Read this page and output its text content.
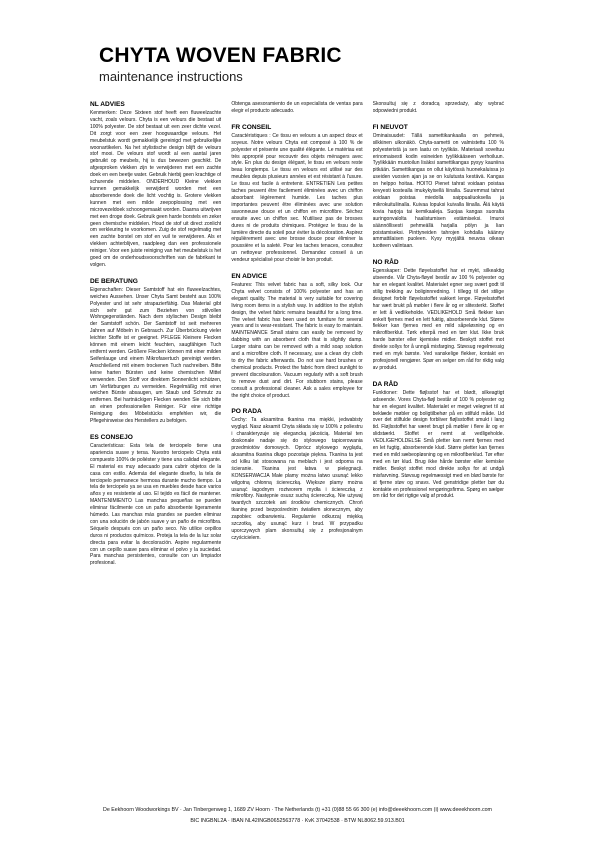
CHYTA WOVEN FABRIC
maintenance instructions
NL ADVIES

Kenmerken: Deze Sixteen stof heeft een fluweelzachte vacht, zoals velours. Chyta is een velours die bestaat uit 100% polyester. De stof bestaat uit een zeer dichte vezel. Dit zorgt voor een zeer hoogwaardige velours. Het meubelstuk wordt gemakkelijk gereinigd met gebruikelijke woonartikelen. Na het stylistische design blijft de velours stof mooi. De velours stof wordt al een aantal jaren gebruikt op meubels, hij is dus bewezen geschikt. De afgesproken vlekken zijn te verwijderen met een zachte doek en een beetje water. Gebruik hierbij geen krachtige of schurende middelen. ONDERHOUD Kleine vlekken kunnen gemakkelijk verwijderd worden met een absorberende doek die licht vochtig is. Grotere vlekken kunnen met een milde zeepoplossing met een microvezeldoek schoongemaakt worden. Daarna uitwrijven met een droge doek. Gebruik geen harde borstels en zeker geen chemische middelen. Houd de stof uit direct zonlicht om verkleuring te voorkomen. Zuig de stof regelmatig met een zachte borstel om stof en vuil te verwijderen. Als er vlekken achterblijven, raadpleeg dan een professionele reiniger. Voor een juiste reiniging van het meubelstuk is het goed om de onderhoudsvoorschriften van de fabrikant te volgen.

DE BERATUNG

Eigenschaften: Dieser Samtstoff hat ein fluweelzachtes, weiches Aussehen. Unser Chyta Samt besteht aus 100% Polyester und ist sehr strapazierfähig. Das Material gibt sich sehr gut zum Beziehen von stilvollen Wohngegenständen. Nach dem stylischen Design bleibt der Samtstoff schön. Der Samtstoff ist seit mehreren Jahren auf Möbeln in Gebrauch. Zur Überbrückung vieler leichter Stoffe ist er geeignet. PFLEGE Kleinere Flecken können mit einem leicht feuchten, saugfähigen Tuch entfernt werden. Größere Flecken können mit einer milden Seifenlauge und einem Mikrofasertuch gereinigt werden. Anschließend mit einem trockenen Tuch nachreiben. Bitte keine harten Bürsten und keine chemischen Mittel verwenden. Den Stoff vor direktem Sonnenlicht schützen, um Verfärbungen zu vermeiden. Regelmäßig mit einer weichen Bürste absaugen, um Staub und Schmutz zu entfernen. Bei hartnäckigen Flecken wenden Sie sich bitte an einen professionellen Reiniger. Für eine richtige Reinigung des Möbelstücks empfehlen wir, die Pflegehinweise des Herstellers zu befolgen.

ES CONSEJO

Características: Esta tela de terciopelo tiene una apariencia suave y tersa. Nuestro terciopelo Chyta está compuesto 100% de poliéster y tiene una calidad elegante. El material es muy adecuado para cubrir objetos de la casa con estilo. Además del elegante diseño, la tela de terciopelo permanece hermosa durante mucho tiempo. La tela de terciopelo ya se usa en muebles desde hace varios años y es resistente al uso. El tejido es fácil de mantener. MANTENIMIENTO Las manchas pequeñas se pueden eliminar fácilmente con un paño absorbente ligeramente húmedo. Las manchas más grandes se pueden eliminar con una solución de jabón suave y un paño de microfibra. Séquelo después con un paño seco. No utilice cepillos duros ni productos químicos. Proteja la tela de la luz solar directa para evitar la decoloración. Aspire regularmente con un cepillo suave para eliminar el polvo y la suciedad. Para manchas persistentes, consulte con un limpiador profesional.

Obtenga asesoramiento de un especialista de ventas para elegir el producto adecuado.

FR CONSEIL

Caractéristiques : Ce tissu en velours a un aspect doux et soyeux. Notre velours Chyta est composé à 100 % de polyester et présente une qualité élégante. Le matériau est très approprié pour recouvrir des objets ménagers avec style. En plus du design élégant, le tissu en velours reste beau longtemps. Le tissu en velours est utilisé sur des meubles depuis plusieurs années et est résistant à l'usure. Le tissu est facile à entretenir. ENTRETIEN Les petites taches peuvent être facilement éliminées avec un chiffon absorbant légèrement humide. Les taches plus importantes peuvent être éliminées avec une solution savonneuse douce et un chiffon en microfibre. Séchez ensuite avec un chiffon sec. N'utilisez pas de brosses dures ni de produits chimiques. Protégez le tissu de la lumière directe du soleil pour éviter la décoloration. Aspirez régulièrement avec une brosse douce pour éliminer la poussière et la saleté. Pour les taches tenaces, consultez un nettoyeur professionnel. Demandez conseil à un vendeur spécialisé pour choisir le bon produit.

EN ADVICE

Features: This velvet fabric has a soft, silky look. Our Chyta velvet consists of 100% polyester and has an elegant quality. The material is very suitable for covering living room items in a stylish way. In addition to the stylish design, the velvet fabric remains beautiful for a long time. The velvet fabric has been used on furniture for several years and is wear-resistant. The fabric is easy to maintain. MAINTENANCE Small stains can easily be removed by dabbing with an absorbent cloth that is slightly damp. Larger stains can be removed with a mild soap solution and a microfibre cloth. If necessary, use a clean dry cloth to dry the fabric afterwards. Do not use hard brushes or chemical products. Protect the fabric from direct sunlight to prevent discolouration. Vacuum regularly with a soft brush to remove dust and dirt. For stubborn stains, please consult a professional cleaner. Ask a sales employee for the right choice of product.

PO RADA

Cechy: Ta aksamitna tkanina ma miękki, jedwabisty wygląd. Nasz aksamit Chyta składa się w 100% z poliestru i charakteryzuje się elegancką jakością. Materiał ten doskonale nadaje się do stylowego tapicerowania przedmiotów domowych. Oprócz stylowego wyglądu, aksamitna tkanina długo pozostaje piękna. Tkanina ta jest od kilku lat stosowana na meblach i jest odporna na ścieranie. Tkanina jest łatwa w pielęgnacji. KONSERWACJA Małe plamy można łatwo usunąć lekko wilgotną chłonną ściereczką. Większe plamy można usunąć łagodnym roztworem mydła i ściereczką z mikrofibry. Następnie osusz suchą ściereczką. Nie używaj twardych szczotek ani środków chemicznych. Chroń tkaninę przed bezpośrednim światłem słonecznym, aby zapobiec odbarwieniu. Regularnie odkurzaj miękką szczotką, aby usunąć kurz i brud. W przypadku uporczywych plam skonsultuj się z profesjonalnym czyścicielem.

Skonsultuj się z doradcą sprzedaży, aby wybrać odpowiedni produkt.

FI NEUVOT

Ominaisuudet: Tällä samettikankaalla on pehmeä, silkkinen ulkonäkö. Chyta-sametti on valmistettu 100 % polyesteristä ja sen laatu on tyylikäs. Materiaali soveltuu erinomaisesti kodin esineiden tyylikkääseen verhoiluun. Tyylikkään muotoilun lisäksi samettikangas pysyy kauniina pitkään. Samettikangas on ollut käytössä huonekaluissa jo useiden vuosien ajan ja se on kulutusta kestävä. Kangas on helppo hoitaa. HOITO Pienet tahrat voidaan poistaa kevyesti kostealla imukykyisellä liinalla. Suuremmat tahrat voidaan poistaa miedolla saippualiuoksella ja mikrokuituliinalla. Kuivaa lopuksi kuivalla liinalla. Älä käytä kovia harjoja tai kemikaaleja. Suojaa kangas suoralta auringonvalolta haalistumisen estämiseksi. Imuroi säännöllisesti pehmeällä harjalla pölyn ja lian poistamiseksi. Pinttyneiden tahrojen kohdalla käänny ammattilaisen puoleen. Kysy myyjältä neuvoa oikean tuotteen valintaan.

NO RÅD

Egenskaper: Dette fløyelsstoffet har et mykt, silkeaktig utseende. Vår Chyta-fløyel består av 100 % polyester og har en elegant kvalitet. Materialet egner seg svært godt til stilig trekking av boliginnredning. I tillegg til det stilige designet forblir fløyelsstoffet vakkert lenge. Fløyelsstoffet har vært brukt på møbler i flere år og er slitesterkt. Stoffet er lett å vedlikeholde. VEDLIKEHOLD Små flekker kan enkelt fjernes med en lett fuktig, absorberende klut. Større flekker kan fjernes med en mild såpeløsning og en mikrofiberklut. Tørk etterpå med en tørr klut. Ikke bruk harde børster eller kjemiske midler. Beskytt stoffet mot direkte sollys for å unngå misfarging. Støvsug regelmessig med en myk børste. Ved vanskelige flekker, kontakt en profesjonell rengjører. Spør en selger om råd for riktig valg av produkt.

DA RÅD

Funktioner: Dette fløjlsstof har et blødt, silkeagtigt udseende. Vores Chyta-fløjl består af 100 % polyester og har en elegant kvalitet. Materialet er meget velegnet til at beklæde møbler og boligtilbehør på en stilfuld måde. Ud over det stilfulde design forbliver fløjlsstoffet smukt i lang tid. Fløjlsstoffet har været brugt på møbler i flere år og er slidstærkt. Stoffet er nemt at vedligeholde. VEDLIGEHOLDELSE Små pletter kan nemt fjernes med en let fugtig, absorberende klud. Større pletter kan fjernes med en mild sæbeopløsning og en mikrofiberklud. Tør efter med en tør klud. Brug ikke hårde børster eller kemiske midler. Beskyt stoffet mod direkte sollys for at undgå misfarvning. Støvsug regelmæssigt med en blød børste for at fjerne støv og snavs. Ved genstridige pletter bør du kontakte en professionel rengøringsfirma. Spørg en sælger om råd for det rigtige valg af produkt.

De Eekhoorn Woodworkings BV · Jan Tinbergenweg 1, 1689 ZV Hoorn · The Netherlands (t) +31 (0)88 55 66 300 (e) info@deeekhoorn.com (i) www.deeekhoorn.com
BIC INGBNL2A · IBAN NL42INGB0652563778 · KvK 37042538 · BTW NL8062.59.913.B01
